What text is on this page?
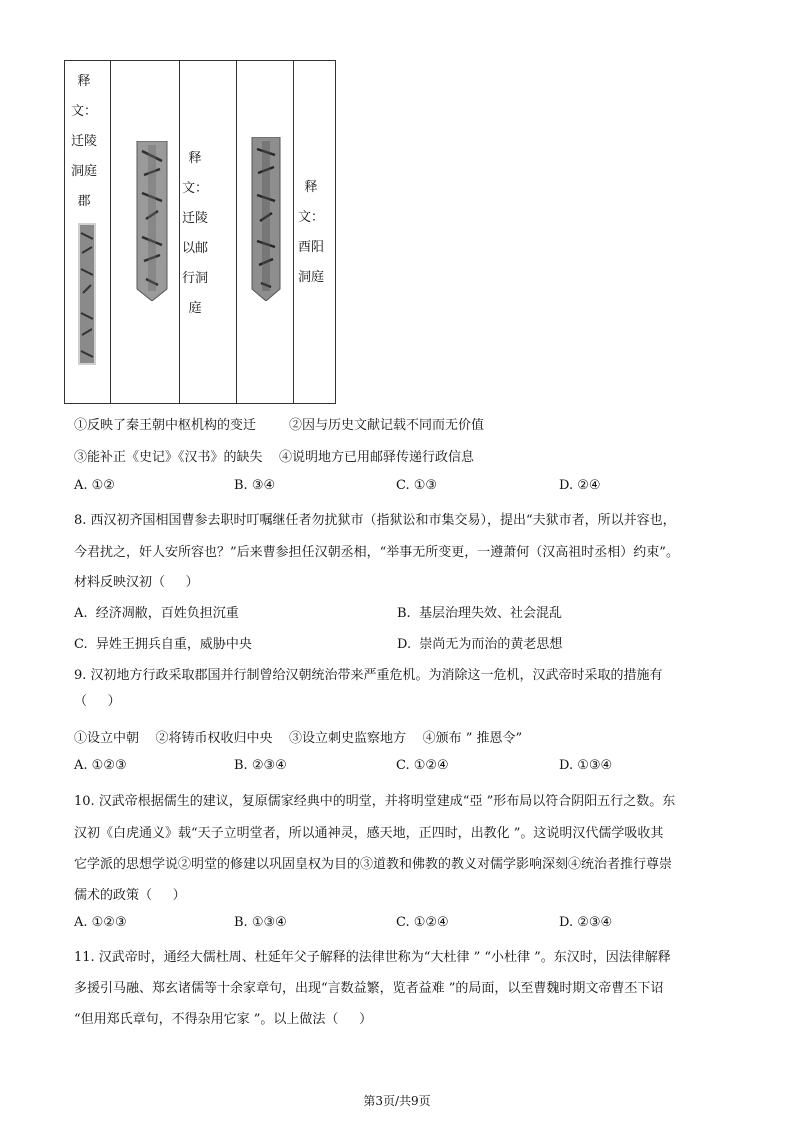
释
文：
迁陵
洞庭
郡
释
文：
迁陵
以邮
行洞
庭
释
文：
酉阳
洞庭
①反映了秦王朝中枢机构的变迁        ②因与历史文献记载不同而无价值
③能补正《史记》《汉书》的缺失    ④说明地方已用邮驿传递行政信息
A. ①②	B. ③④	C. ①③	D. ②④
8. 西汉初齐国相国曹参去职时叮嘱继任者勿扰狱市（指狱讼和市集交易），提出“夫狱市者，所以并容也，
今君扰之，奸人安所容也？”后来曹参担任汉朝丞相，“举事无所变更，一遵萧何（汉高祖时丞相）约束”。
材料反映汉初（     ）
A.  经济凋敝，百姓负担沉重	B.  基层治理失效、社会混乱
C.  异姓王拥兵自重，威胁中央	D.  崇尚无为而治的黄老思想
9. 汉初地方行政采取郡国并行制曾给汉朝统治带来严重危机。为消除这一危机，汉武帝时采取的措施有
（     ）
①设立中朝    ②将铸币权收归中央    ③设立刺史监察地方    ④颁布 ” 推恩令”
A. ①②③	B. ②③④	C. ①②④	D. ①③④
10. 汉武帝根据儒生的建议，复原儒家经典中的明堂，并将明堂建成“亞 ”形布局以符合阴阳五行之数。东
汉初《白虎通义》载“天子立明堂者，所以通神灵，感天地，正四时，出教化 ”。这说明汉代儒学吸收其
它学派的思想学说②明堂的修建以巩固皇权为目的③道教和佛教的教义对儒学影响深刻④统治者推行尊崇
儒术的政策（     ）
A. ①②③	B. ①③④	C. ①②④	D. ②③④
11. 汉武帝时，通经大儒杜周、杜延年父子解释的法律世称为“大杜律 ” “小杜律 ”。东汉时，因法律解释
多援引马融、郑玄诸儒等十余家章句，出现“言数益繁，览者益难 ”的局面，以至曹魏时期文帝曹丕下诏
“但用郑氏章句，不得杂用它家 ”。以上做法（     ）
第3页/共9页
